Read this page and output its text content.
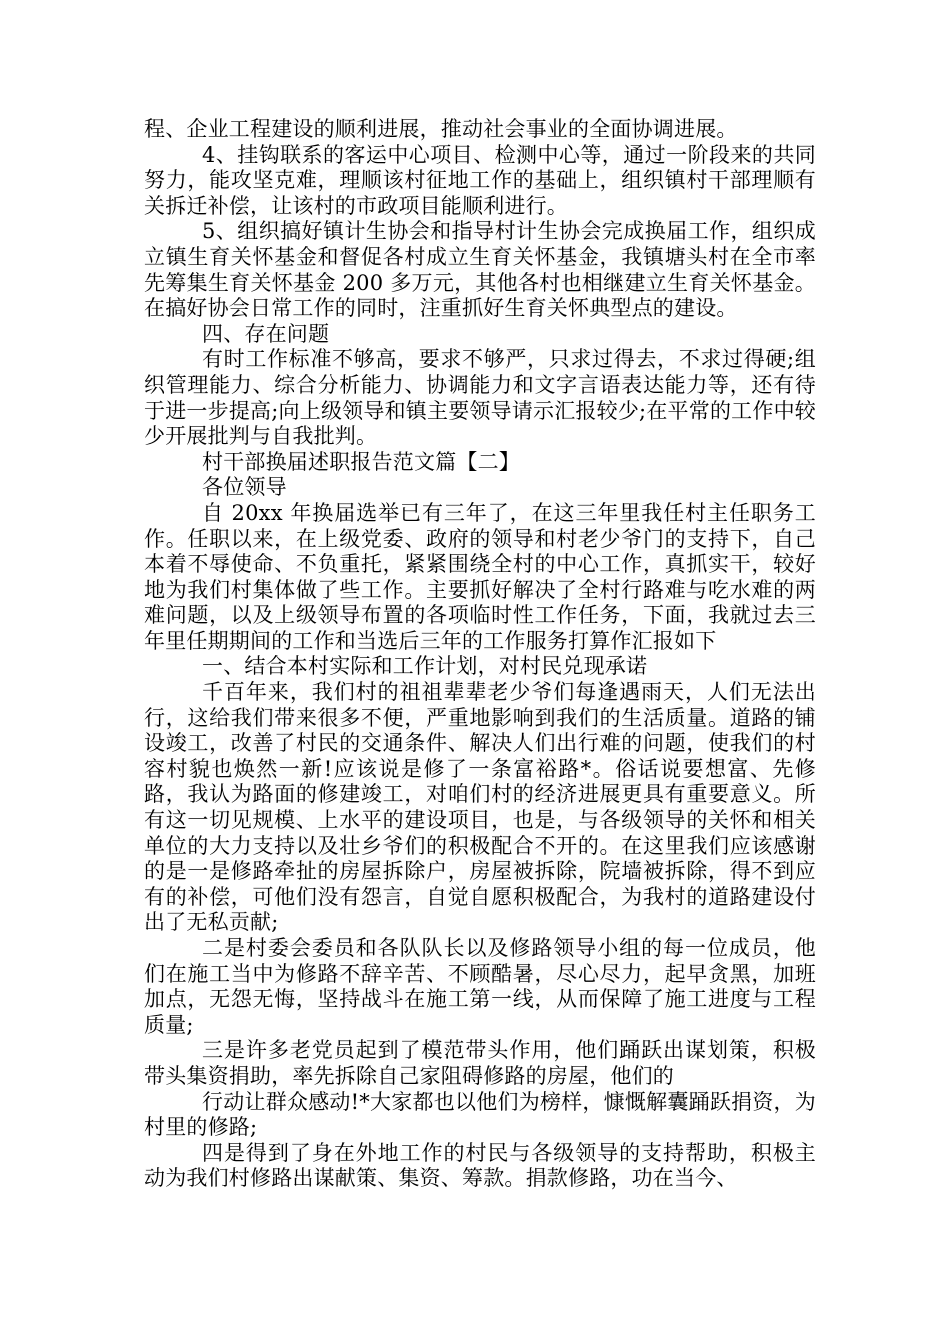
程、企业工程建设的顺利进展，推动社会事业的全面协调进展。

4、挂钩联系的客运中心项目、检测中心等，通过一阶段来的共同努力，能攻坚克难，理顺该村征地工作的基础上，组织镇村干部理顺有关拆迁补偿，让该村的市政项目能顺利进行。

5、组织搞好镇计生协会和指导村计生协会完成换届工作，组织成立镇生育关怀基金和督促各村成立生育关怀基金，我镇塘头村在全市率先筹集生育关怀基金 200 多万元，其他各村也相继建立生育关怀基金。在搞好协会日常工作的同时，注重抓好生育关怀典型点的建设。

四、存在问题

有时工作标准不够高，要求不够严，只求过得去，不求过得硬;组织管理能力、综合分析能力、协调能力和文字言语表达能力等，还有待于进一步提高;向上级领导和镇主要领导请示汇报较少;在平常的工作中较少开展批判与自我批判。

村干部换届述职报告范文篇【二】

各位领导

自 20xx 年换届选举已有三年了，在这三年里我任村主任职务工作。任职以来，在上级党委、政府的领导和村老少爷门的支持下，自己本着不辱使命、不负重托，紧紧围绕全村的中心工作，真抓实干，较好地为我们村集体做了些工作。主要抓好解决了全村行路难与吃水难的两难问题，以及上级领导布置的各项临时性工作任务，下面，我就过去三年里任期期间的工作和当选后三年的工作服务打算作汇报如下

一、结合本村实际和工作计划，对村民兑现承诺

千百年来，我们村的祖祖辈辈老少爷们每逢遇雨天，人们无法出行，这给我们带来很多不便，严重地影响到我们的生活质量。道路的铺设竣工，改善了村民的交通条件、解决人们出行难的问题，使我们的村容村貌也焕然一新!应该说是修了一条富裕路*。俗话说要想富、先修路，我认为路面的修建竣工，对咱们村的经济进展更具有重要意义。所有这一切见规模、上水平的建设项目，也是，与各级领导的关怀和相关单位的大力支持以及壮乡爷们的积极配合不开的。在这里我们应该感谢的是一是修路牵扯的房屋拆除户，房屋被拆除，院墙被拆除，得不到应有的补偿，可他们没有怨言，自觉自愿积极配合，为我村的道路建设付出了无私贡献;

二是村委会委员和各队队长以及修路领导小组的每一位成员，他们在施工当中为修路不辞辛苦、不顾酷暑，尽心尽力，起早贪黑，加班加点，无怨无悔，坚持战斗在施工第一线，从而保障了施工进度与工程质量;

三是许多老党员起到了模范带头作用，他们踊跃出谋划策，积极带头集资捐助，率先拆除自己家阻碍修路的房屋，他们的

行动让群众感动!*大家都也以他们为榜样，慷慨解囊踊跃捐资，为村里的修路;

四是得到了身在外地工作的村民与各级领导的支持帮助，积极主动为我们村修路出谋献策、集资、筹款。捐款修路，功在当今、
